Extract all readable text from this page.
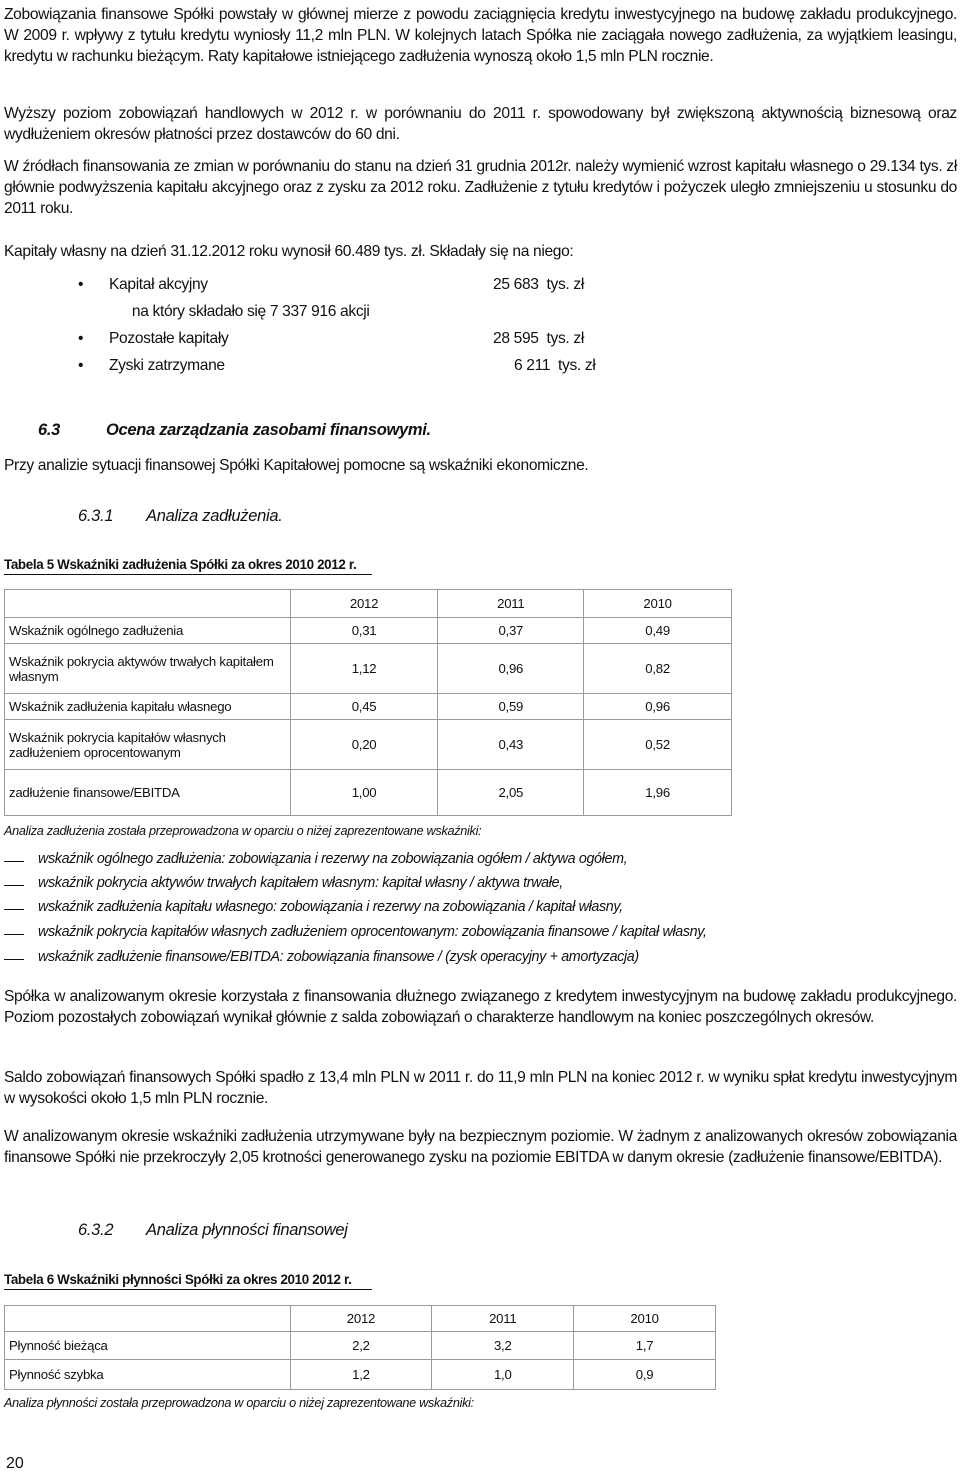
Zobowiązania finansowe Spółki powstały w głównej mierze z powodu zaciągnięcia kredytu inwestycyjnego na budowę zakładu produkcyjnego. W 2009 r. wpływy z tytułu kredytu wyniosły 11,2 mln PLN. W kolejnych latach Spółka nie zaciągała nowego zadłużenia, za wyjątkiem leasingu, kredytu w rachunku bieżącym. Raty kapitałowe istniejącego zadłużenia wynoszą około 1,5 mln PLN rocznie.

Wyższy poziom zobowiązań handlowych w 2012 r. w porównaniu do 2011 r. spowodowany był zwiększoną aktywnością biznesową oraz wydłużeniem okresów płatności przez dostawców do 60 dni.

W źródłach finansowania ze zmian w porównaniu do stanu na dzień 31 grudnia 2012r. należy wymienić wzrost kapitału własnego o 29.134 tys. zł głównie podwyższenia kapitału akcyjnego oraz z zysku za 2012 roku. Zadłużenie z tytułu kredytów i pożyczek uległo zmniejszeniu u stosunku do 2011 roku.

Kapitały własny na dzień 31.12.2012 roku wynosił 60.489 tys. zł. Składały się na niego:

• Kapitał akcyjny	25 683  tys. zł
na który składało się 7 337 916 akcji
• Pozostałe kapitały	28 595  tys. zł
• Zyski zatrzymane	6 211  tys. zł
6.3	Ocena zarządzania zasobami finansowymi.

Przy analizie sytuacji finansowej Spółki Kapitałowej pomocne są wskaźniki ekonomiczne.

6.3.1 Analiza zadłużenia.
Tabela 5 Wskaźniki zadłużenia Spółki za okres 2010 2012 r.
	2012	2011	2010
Wskaźnik ogólnego zadłużenia	0,31	0,37	0,49
Wskaźnik pokrycia aktywów trwałych kapitałem własnym	1,12	0,96	0,82
Wskaźnik zadłużenia kapitału własnego	0,45	0,59	0,96
Wskaźnik pokrycia kapitałów własnych zadłużeniem oprocentowanym	0,20	0,43	0,52
zadłużenie finansowe/EBITDA	1,00	2,05	1,96
Analiza zadłużenia została przeprowadzona w oparciu o niżej zaprezentowane wskaźniki:
wskaźnik ogólnego zadłużenia: zobowiązania i rezerwy na zobowiązania ogółem / aktywa ogółem,
wskaźnik pokrycia aktywów trwałych kapitałem własnym: kapitał własny / aktywa trwałe,
wskaźnik zadłużenia kapitału własnego: zobowiązania i rezerwy na zobowiązania / kapitał własny,
wskaźnik pokrycia kapitałów własnych zadłużeniem oprocentowanym: zobowiązania finansowe / kapitał własny,
wskaźnik zadłużenie finansowe/EBITDA: zobowiązania finansowe / (zysk operacyjny + amortyzacja)

Spółka w analizowanym okresie korzystała z finansowania dłużnego związanego z kredytem inwestycyjnym na budowę zakładu produkcyjnego. Poziom pozostałych zobowiązań wynikał głównie z salda zobowiązań o charakterze handlowym na koniec poszczególnych okresów.

Saldo zobowiązań finansowych Spółki spadło z 13,4 mln PLN w 2011 r. do 11,9 mln PLN na koniec 2012 r. w wyniku spłat kredytu inwestycyjnym w wysokości około 1,5 mln PLN rocznie.

W analizowanym okresie wskaźniki zadłużenia utrzymywane były na bezpiecznym poziomie. W żadnym z analizowanych okresów zobowiązania finansowe Spółki nie przekroczyły 2,05 krotności generowanego zysku na poziomie EBITDA w danym okresie (zadłużenie finansowe/EBITDA).

6.3.2 Analiza płynności finansowej
Tabela 6 Wskaźniki płynności Spółki za okres 2010 2012 r.
	2012	2011	2010
Płynność bieżąca	2,2	3,2	1,7
Płynność szybka	1,2	1,0	0,9
Analiza płynności została przeprowadzona w oparciu o niżej zaprezentowane wskaźniki:
20
